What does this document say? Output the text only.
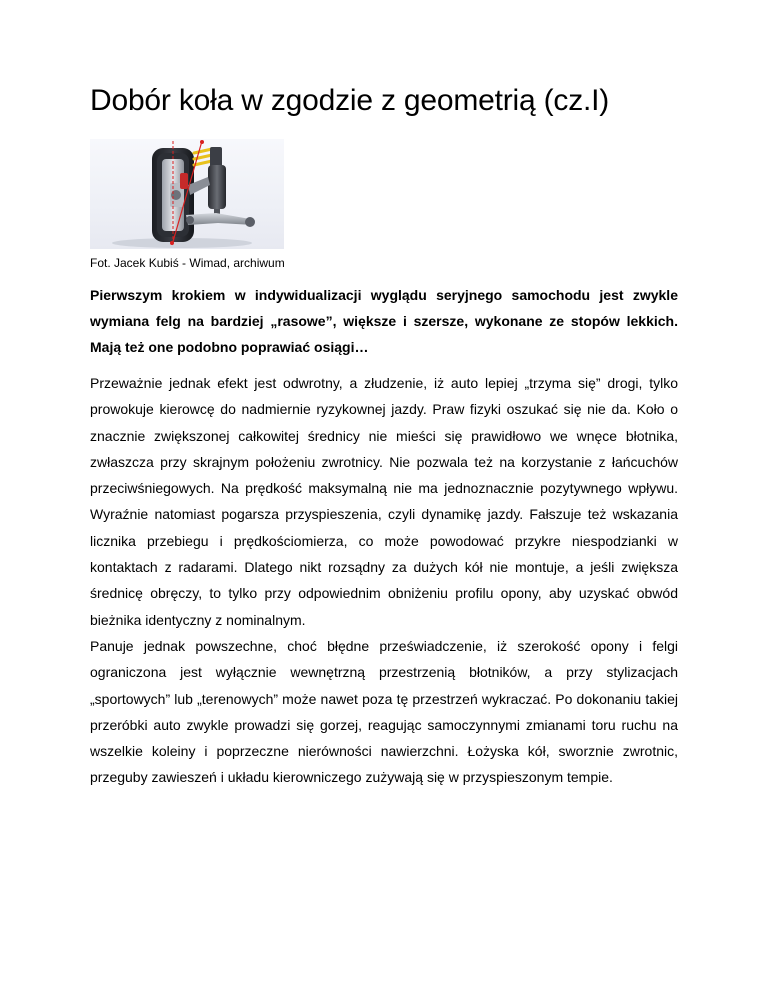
Dobór koła w zgodzie z geometrią (cz.I)
Fot. Jacek Kubiś - Wimad, archiwum

Pierwszym krokiem w indywidualizacji wyglądu seryjnego samochodu jest zwykle wymiana felg na bardziej „rasowe”, większe i szersze, wykonane ze stopów lekkich. Mają też one podobno poprawiać osiągi…

Przeważnie jednak efekt jest odwrotny, a złudzenie, iż auto lepiej „trzyma się” drogi, tylko prowokuje kierowcę do nadmiernie ryzykownej jazdy. Praw fizyki oszukać się nie da. Koło o znacznie zwiększonej całkowitej średnicy nie mieści się prawidłowo we wnęce błotnika, zwłaszcza przy skrajnym położeniu zwrotnicy. Nie pozwala też na korzystanie z łańcuchów przeciwśniegowych. Na prędkość maksymalną nie ma jednoznacznie pozytywnego wpływu. Wyraźnie natomiast pogarsza przyspieszenia, czyli dynamikę jazdy. Fałszuje też wskazania licznika przebiegu i prędkościomierza, co może powodować przykre niespodzianki w kontaktach z radarami. Dlatego nikt rozsądny za dużych kół nie montuje, a jeśli zwiększa średnicę obręczy, to tylko przy odpowiednim obniżeniu profilu opony, aby uzyskać obwód bieżnika identyczny z nominalnym.

Panuje jednak powszechne, choć błędne przeświadczenie, iż szerokość opony i felgi ograniczona jest wyłącznie wewnętrzną przestrzenią błotników, a przy stylizacjach „sportowych” lub „terenowych” może nawet poza tę przestrzeń wykraczać. Po dokonaniu takiej przeróbki auto zwykle prowadzi się gorzej, reagując samoczynnymi zmianami toru ruchu na wszelkie koleiny i poprzeczne nierówności nawierzchni. Łożyska kół, sworznie zwrotnic, przeguby zawieszeń i układu kierowniczego zużywają się w przyspieszonym tempie.
